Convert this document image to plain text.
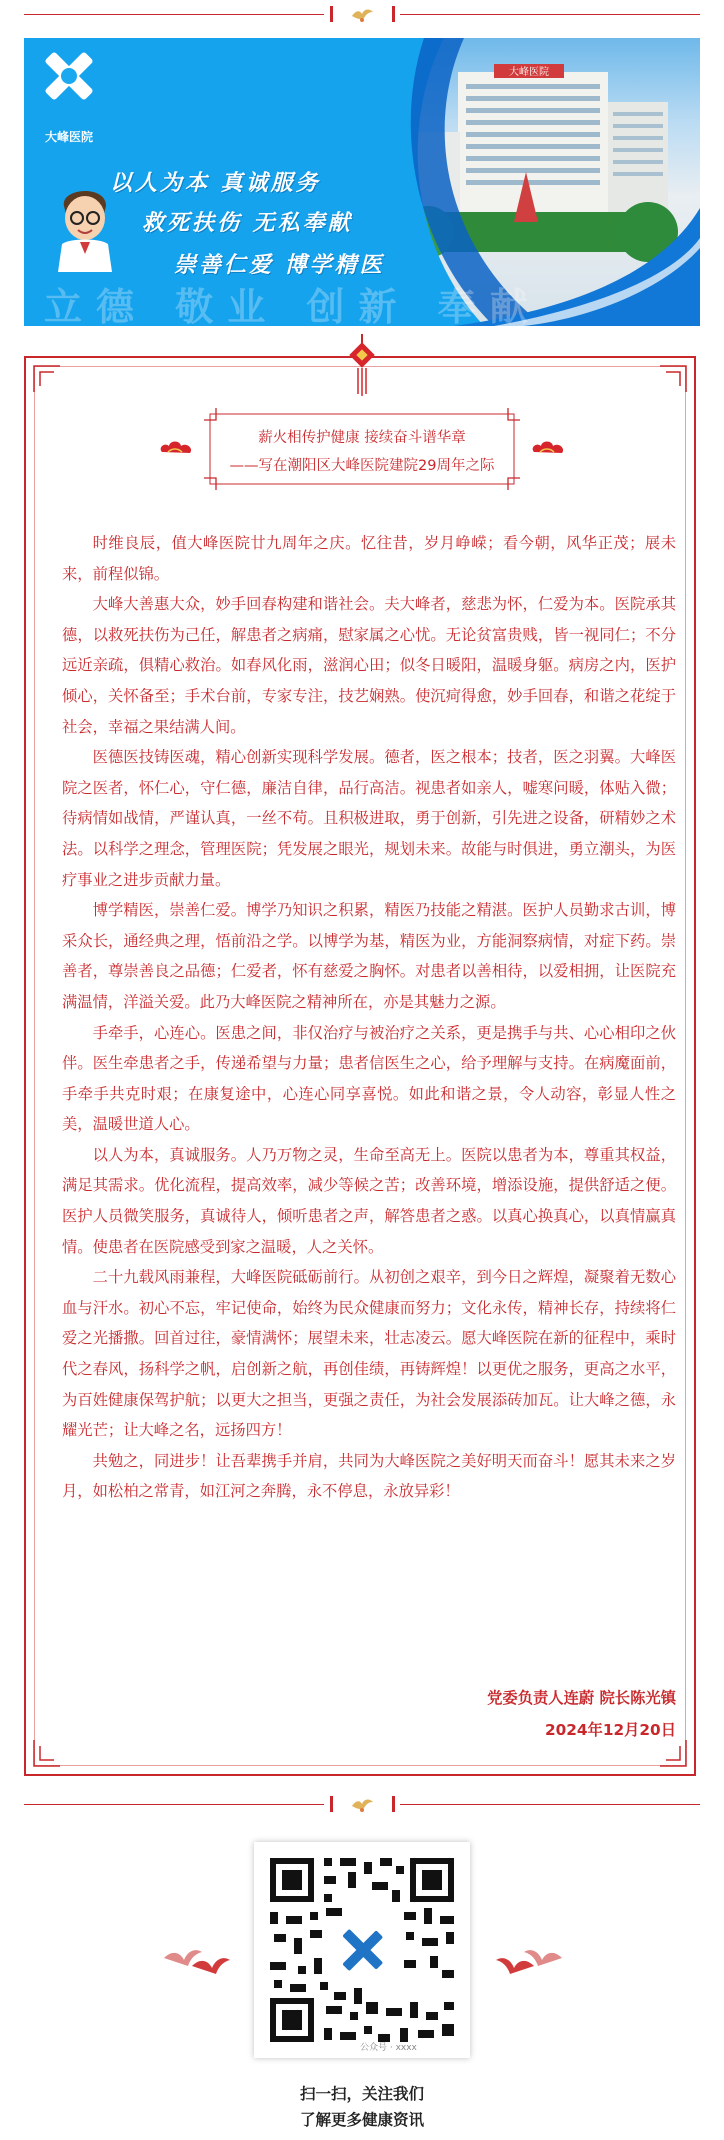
大峰医院
大峰医院
以人为本 真诚服务
救死扶伤 无私奉献
崇善仁爱 博学精医
立德 敬业 创新 奉献
薪火相传护健康 接续奋斗谱华章
——写在潮阳区大峰医院建院29周年之际

时维良辰，值大峰医院廿九周年之庆。忆往昔，岁月峥嵘；看今朝，风华正茂；展未来，前程似锦。

大峰大善惠大众，妙手回春构建和谐社会。夫大峰者，慈悲为怀，仁爱为本。医院承其德，以救死扶伤为己任，解患者之病痛，慰家属之心忧。无论贫富贵贱，皆一视同仁；不分远近亲疏，俱精心救治。如春风化雨，滋润心田；似冬日暖阳，温暖身躯。病房之内，医护倾心，关怀备至；手术台前，专家专注，技艺娴熟。使沉疴得愈，妙手回春，和谐之花绽于社会，幸福之果结满人间。

医德医技铸医魂，精心创新实现科学发展。德者，医之根本；技者，医之羽翼。大峰医院之医者，怀仁心，守仁德，廉洁自律，品行高洁。视患者如亲人，嘘寒问暖，体贴入微；待病情如战情，严谨认真，一丝不苟。且积极进取，勇于创新，引先进之设备，研精妙之术法。以科学之理念，管理医院；凭发展之眼光，规划未来。故能与时俱进，勇立潮头，为医疗事业之进步贡献力量。

博学精医，崇善仁爱。博学乃知识之积累，精医乃技能之精湛。医护人员勤求古训，博采众长，通经典之理，悟前沿之学。以博学为基，精医为业，方能洞察病情，对症下药。崇善者，尊崇善良之品德；仁爱者，怀有慈爱之胸怀。对患者以善相待，以爱相拥，让医院充满温情，洋溢关爱。此乃大峰医院之精神所在，亦是其魅力之源。

手牵手，心连心。医患之间，非仅治疗与被治疗之关系，更是携手与共、心心相印之伙伴。医生牵患者之手，传递希望与力量；患者信医生之心，给予理解与支持。在病魔面前，手牵手共克时艰；在康复途中，心连心同享喜悦。如此和谐之景，令人动容，彰显人性之美，温暖世道人心。

以人为本，真诚服务。人乃万物之灵，生命至高无上。医院以患者为本，尊重其权益，满足其需求。优化流程，提高效率，减少等候之苦；改善环境，增添设施，提供舒适之便。医护人员微笑服务，真诚待人，倾听患者之声，解答患者之惑。以真心换真心，以真情赢真情。使患者在医院感受到家之温暖，人之关怀。

二十九载风雨兼程，大峰医院砥砺前行。从初创之艰辛，到今日之辉煌，凝聚着无数心血与汗水。初心不忘，牢记使命，始终为民众健康而努力；文化永传，精神长存，持续将仁爱之光播撒。回首过往，豪情满怀；展望未来，壮志凌云。愿大峰医院在新的征程中，乘时代之春风，扬科学之帆，启创新之航，再创佳绩，再铸辉煌！以更优之服务，更高之水平，为百姓健康保驾护航；以更大之担当，更强之责任，为社会发展添砖加瓦。让大峰之德，永耀光芒；让大峰之名，远扬四方！

共勉之，同进步！让吾辈携手并肩，共同为大峰医院之美好明天而奋斗！愿其未来之岁月，如松柏之常青，如江河之奔腾，永不停息，永放异彩！

党委负责人连蔚 院长陈光镇
2024年12月20日
公众号 · xxxx
扫一扫，关注我们
了解更多健康资讯
